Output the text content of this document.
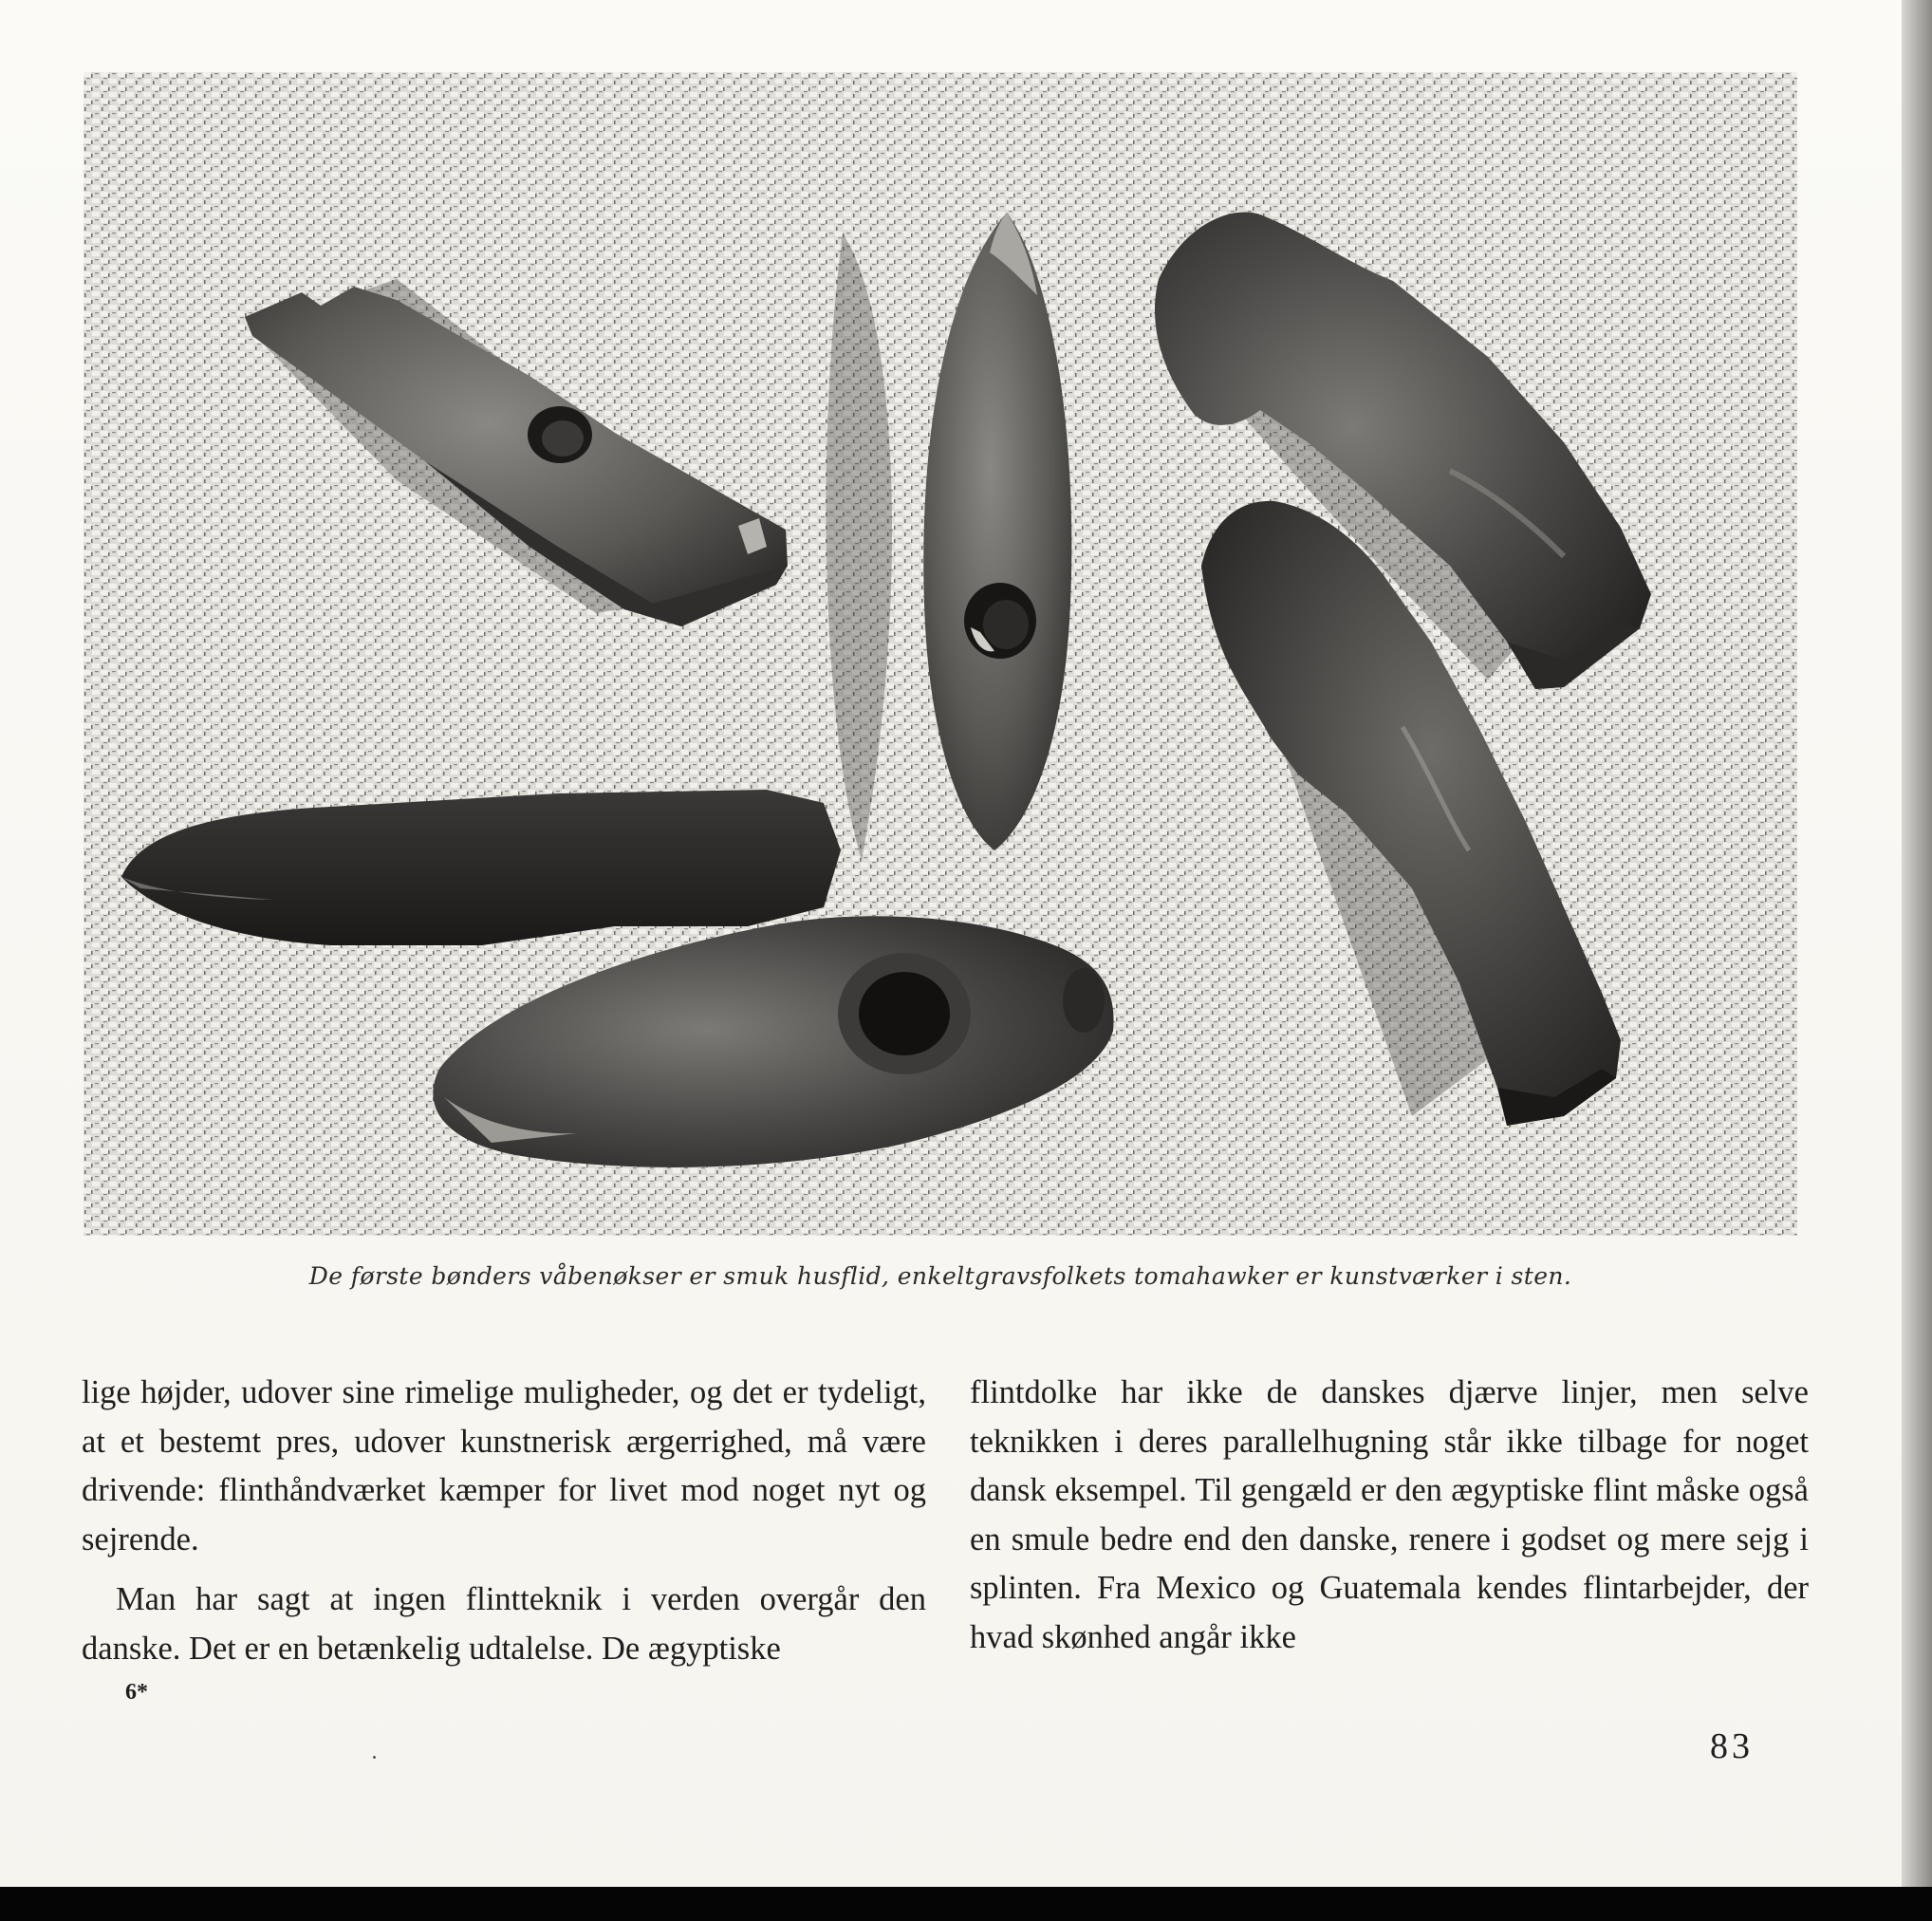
De første bønders våbenøkser er smuk husflid, enkeltgravsfolkets tomahawker er kunstværker i sten.

lige højder, udover sine rimelige muligheder, og det er tydeligt, at et bestemt pres, udover kunstnerisk ærgerrighed, må være drivende: flinthåndværket kæmper for livet mod noget nyt og sejrende.

Man har sagt at ingen flintteknik i verden overgår den danske. Det er en betænkelig udtalelse. De ægyptiske

flintdolke har ikke de danskes djærve linjer, men selve teknikken i deres parallelhugning står ikke tilbage for noget dansk eksempel. Til gengæld er den ægyptiske flint måske også en smule bedre end den danske, renere i godset og mere sejg i splinten. Fra Mexico og Guatemala kendes flintarbejder, der hvad skønhed angår ikke

6*
83
